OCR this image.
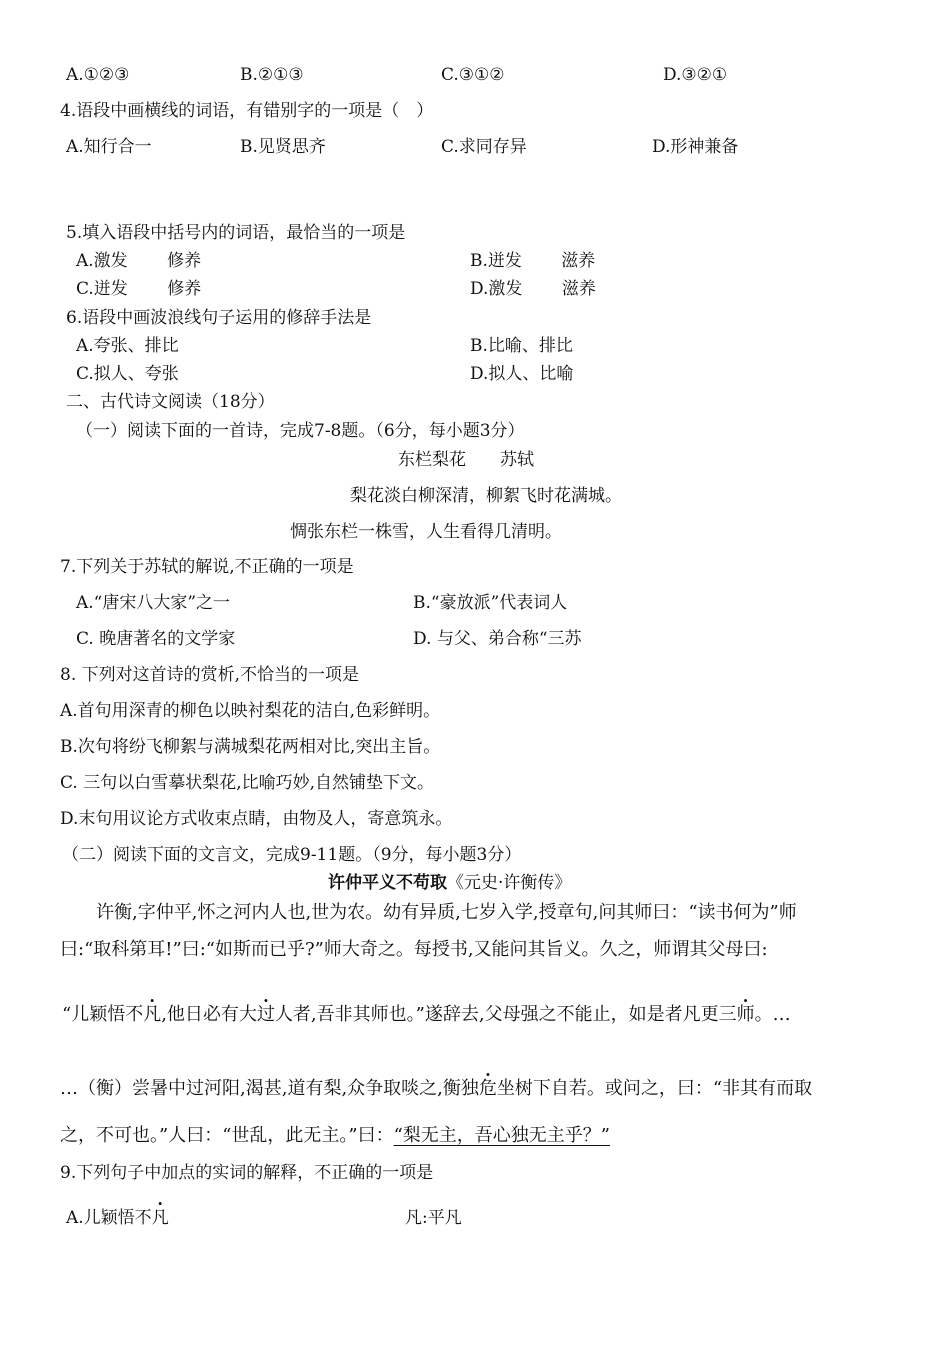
A.①②③	B.②①③	C.③①②	D.③②①
4.语段中画横线的词语，有错别字的一项是（　）
A.知行合一	B.见贤思齐	C.求同存异	D.形神兼备
5.填入语段中括号内的词语，最恰当的一项是
A.激发　　 修养	B.迸发　　 滋养
C.迸发　　 修养	D.激发　　 滋养
6.语段中画波浪线句子运用的修辞手法是
A.夸张、排比	B.比喻、排比
C.拟人、夸张	D.拟人、比喻
二、古代诗文阅读（18分）
（一）阅读下面的一首诗，完成7-8题。（6分，每小题3分）
东栏梨花　　苏轼
梨花淡白柳深清，柳絮飞时花满城。
惆张东栏一株雪，人生看得几清明。
7.下列关于苏轼的解说,不正确的一项是
A.“唐宋八大家”之一	B.“豪放派”代表词人
C. 晚唐著名的文学家	D. 与父、弟合称“三苏
8. 下列对这首诗的赏析,不恰当的一项是
A.首句用深青的柳色以映衬梨花的洁白,色彩鲜明。
B.次句将纷飞柳絮与满城梨花两相对比,突出主旨。
C. 三句以白雪摹状梨花,比喻巧妙,自然铺垫下文。
D.末句用议论方式收束点睛，由物及人，寄意筑永。
（二）阅读下面的文言文，完成9-11题。（9分，每小题3分）
许仲平义不苟取《元史·许衡传》
许衡,字仲平,怀之河内人也,世为农。幼有异质,七岁入学,授章句,问其师曰：“读书何为”师
曰:“取科第耳!”曰:“如斯而已乎?”师大奇之。每授书,又能问其旨义。久之，师谓其父母曰:
“儿颖悟不凡,他日必有大过人者,吾非其师也。”遂辞去,父母强之不能止，如是者凡更三师。…
…（衡）尝暑中过河阳,渴甚,道有梨,众争取啖之,衡独危坐树下自若。或问之，曰：“非其有而取
之，不可也。”人曰：“世乱，此无主。”曰：“梨无主，吾心独无主乎？”
9.下列句子中加点的实词的解释，不正确的一项是
A.儿颖悟不凡	凡:平凡
